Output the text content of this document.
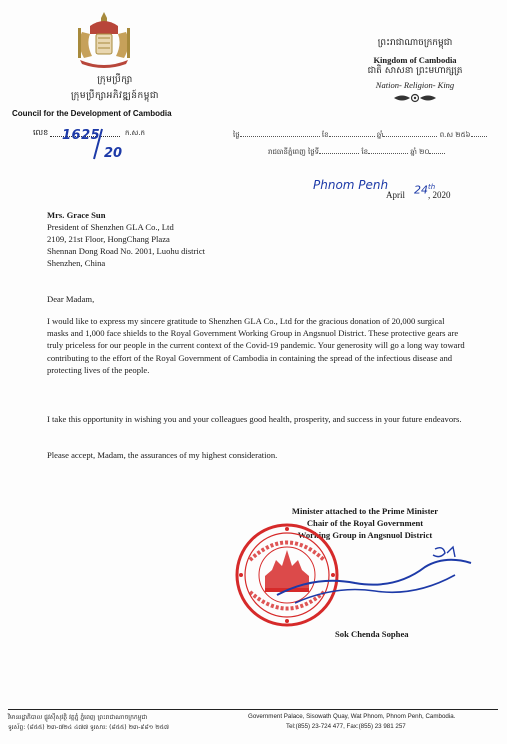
ក្រុមប្រឹក្សា
ក្រុមប្រឹក្សាអភិវឌ្ឍន៍កម្ពុជា
Council for the Development of Cambodia
ព្រះរាជាណាចក្រកម្ពុជា
Kingdom of Cambodia
ជាតិ សាសនា ព្រះមហាក្សត្រ
Nation- Religion- King
លេខ 1625
20
ក.ស.ក	ថ្ងៃ	ខែ	ឆ្នាំ	ព.ស ២៥៦
រាជធានីភ្នំពេញ ថ្ងៃទី	ខែ	ឆ្នាំ ២០
Phnom Penh
April 24th
, 2020
Mrs. Grace Sun
President of Shenzhen GLA Co., Ltd
2109, 21st Floor, HongChang Plaza
Shennan Dong Road No. 2001, Luohu district
Shenzhen, China
Dear Madam,
I would like to express my sincere gratitude to Shenzhen GLA Co., Ltd for the gracious donation of 20,000 surgical masks and 1,000 face shields to the Royal Government Working Group in Angsnuol District. These protective gears are truly priceless for our people in the current context of the Covid-19 pandemic. Your generosity will go a long way toward contributing to the effort of the Royal Government of Cambodia in containing the spread of the infectious disease and protecting lives of the people.
I take this opportunity in wishing you and your colleagues good health, prosperity, and success in your future endeavors.
Please accept, Madam, the assurances of my highest consideration.
Minister attached to the Prime Minister
Chair of the Royal Government
Working Group in Angsnuol District
Sok Chenda Sophea
វិមានរដ្ឋាភិបាល ផ្លូវស៊ីសុវត្ថិ វត្តភ្នំ ភ្នំពេញ ព្រះរាជាណាចក្រកម្ពុជា
ទូរស័ព្ទ: (៨៥៥) ២៣-៧២៤ ៤៧៧ ទូរសារ: (៨៥៥) ២៣-៩៨១ ២៥៧
Government Palace, Sisowath Quay, Wat Phnom, Phnom Penh, Cambodia.
Tel:(855) 23-724 477, Fax:(855) 23 981 257
